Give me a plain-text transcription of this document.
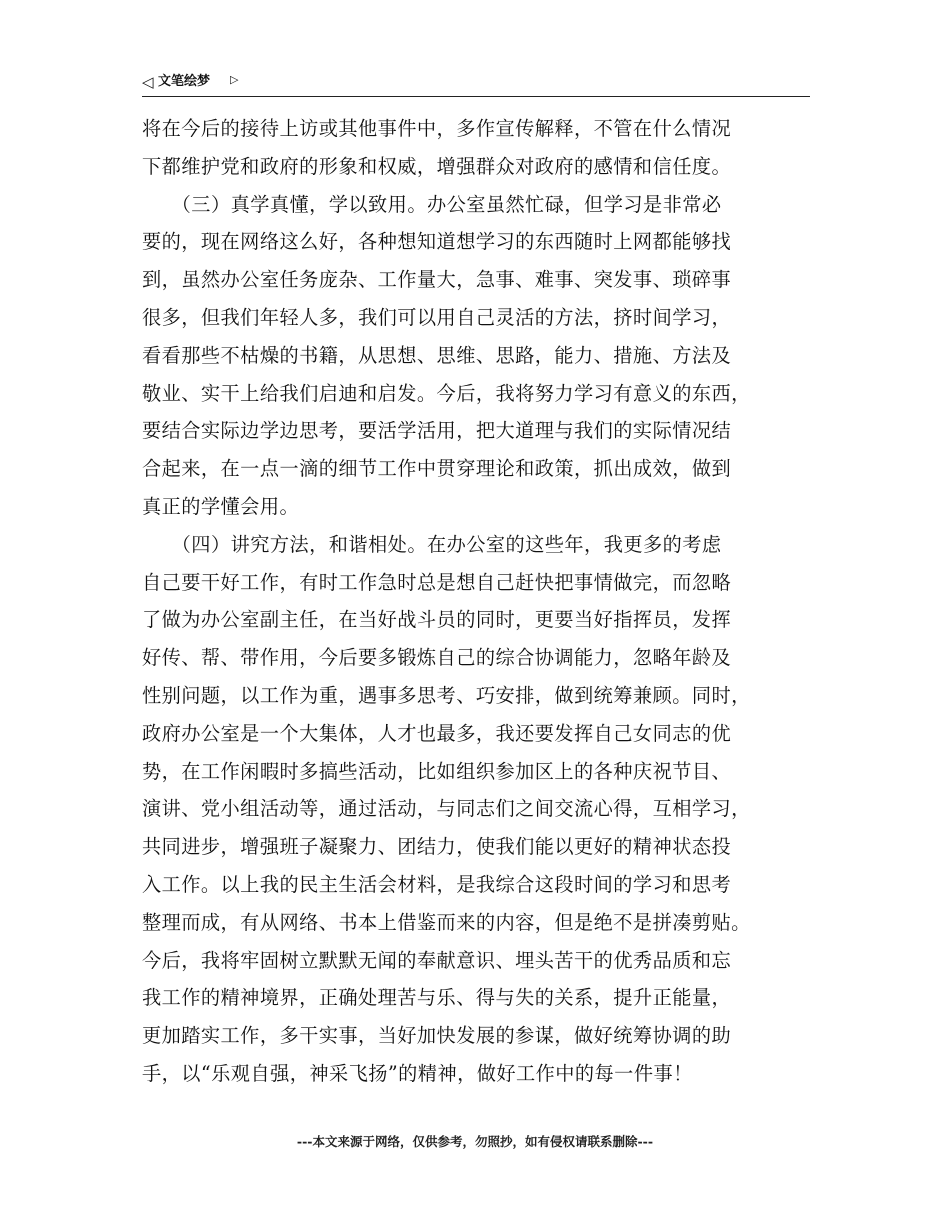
◁ 文笔绘梦 ▷
将在今后的接待上访或其他事件中，多作宣传解释，不管在什么情况
下都维护党和政府的形象和权威，增强群众对政府的感情和信任度。
　　（三）真学真懂，学以致用。办公室虽然忙碌，但学习是非常必
要的，现在网络这么好，各种想知道想学习的东西随时上网都能够找
到，虽然办公室任务庞杂、工作量大，急事、难事、突发事、琐碎事
很多，但我们年轻人多，我们可以用自己灵活的方法，挤时间学习，
看看那些不枯燥的书籍，从思想、思维、思路，能力、措施、方法及
敬业、实干上给我们启迪和启发。今后，我将努力学习有意义的东西，
要结合实际边学边思考，要活学活用，把大道理与我们的实际情况结
合起来，在一点一滴的细节工作中贯穿理论和政策，抓出成效，做到
真正的学懂会用。
　　（四）讲究方法，和谐相处。在办公室的这些年，我更多的考虑
自己要干好工作，有时工作急时总是想自己赶快把事情做完，而忽略
了做为办公室副主任，在当好战斗员的同时，更要当好指挥员，发挥
好传、帮、带作用，今后要多锻炼自己的综合协调能力，忽略年龄及
性别问题，以工作为重，遇事多思考、巧安排，做到统筹兼顾。同时，
政府办公室是一个大集体，人才也最多，我还要发挥自己女同志的优
势，在工作闲暇时多搞些活动，比如组织参加区上的各种庆祝节目、
演讲、党小组活动等，通过活动，与同志们之间交流心得，互相学习，
共同进步，增强班子凝聚力、团结力，使我们能以更好的精神状态投
入工作。以上我的民主生活会材料，是我综合这段时间的学习和思考
整理而成，有从网络、书本上借鉴而来的内容，但是绝不是拼凑剪贴。
今后，我将牢固树立默默无闻的奉献意识、埋头苦干的优秀品质和忘
我工作的精神境界，正确处理苦与乐、得与失的关系，提升正能量，
更加踏实工作，多干实事，当好加快发展的参谋，做好统筹协调的助
手，以“乐观自强，神采飞扬”的精神，做好工作中的每一件事！
---本文来源于网络，仅供参考，勿照抄，如有侵权请联系删除---
